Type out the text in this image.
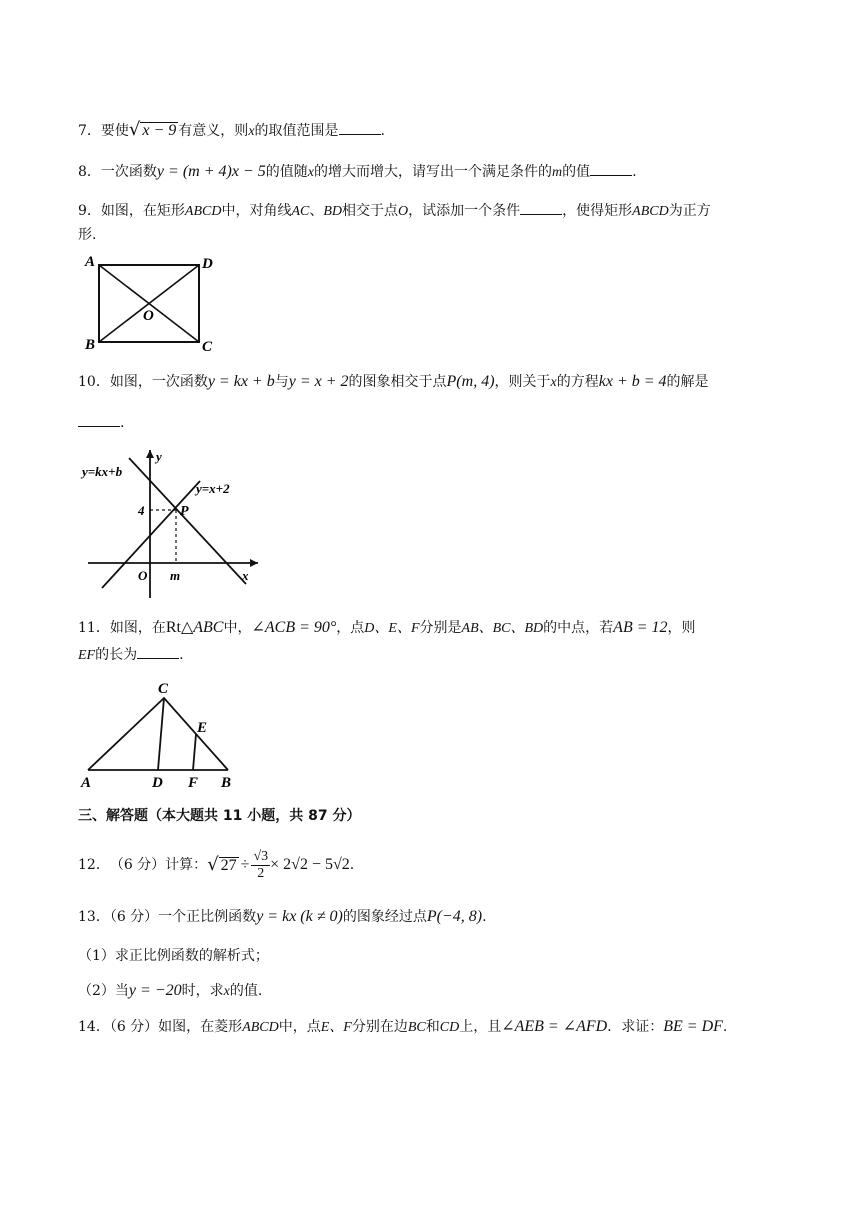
7．要使√ x − 9 有意义，则x的取值范围是	.
8．一次函数y = (m + 4)x − 5的值随x的增大而增大，请写出一个满足条件的m的值	.
9．如图，在矩形ABCD中，对角线AC、BD相交于点O，试添加一个条件	，使得矩形ABCD为正方
形.
A	D
B	C
O
10．如图，一次函数y = kx + b与y = x + 2的图象相交于点P(m, 4)，则关于x的方程kx + b = 4的解是
.
y
x
O
y=kx+b
y=x+2
P
4
m
11．如图，在Rt△ABC中，∠ACB = 90°，点D、E、F分别是AB、BC、BD的中点，若AB = 12，则
EF的长为	.
C
E
A	D F B
三、解答题（本大题共 11 小题，共 87 分）
12． （6 分）计算： √ $27 \div \frac{√3}{2} \times 2√2 - 5√2$ .
13．（6 分）一个正比例函数y = kx (k ≠ 0)的图象经过点P(−4, 8).
（1）求正比例函数的解析式；
（2）当y = −20时，求x的值.
14．（6 分）如图，在菱形ABCD中，点E、F分别在边BC和CD上，且∠AEB = ∠AFD．求证：BE = DF.
